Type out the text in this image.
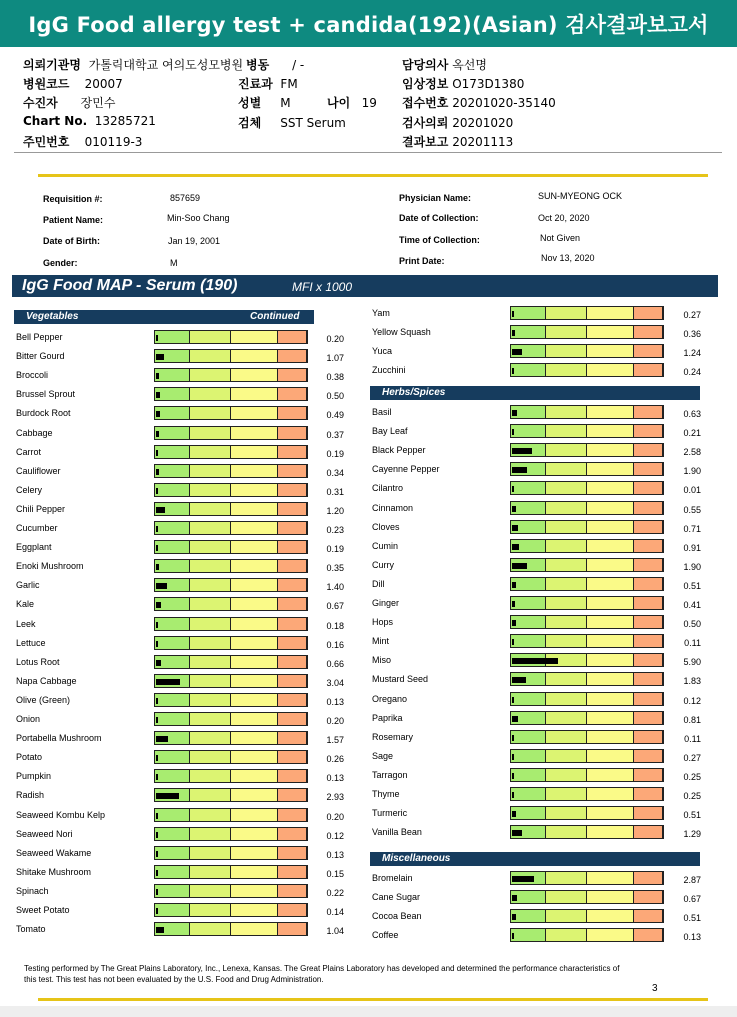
IgG Food allergy test + candida(192)(Asian) 검사결과보고서
의뢰기관명 가톨릭대학교 여의도성모병원
병원코드 20007
수진자 장민수
Chart No. 13285721
주민번호 010119-3
병동 / -
진료과 FM
성별 M	나이 19
검체 SST Serum
담당의사 옥선명
임상정보 O173D1380
접수번호 20201020-35140
검사의뢰 20201020
결과보고 20201113
Requisition #:	857659
Patient Name:	Min-Soo Chang
Date of Birth:	Jan 19, 2001
Gender:	M
Physician Name:	SUN-MYEONG OCK
Date of Collection:	Oct 20, 2020
Time of Collection:	Not Given
Print Date:	Nov 13, 2020
IgG Food MAP - Serum (190)	MFI x 1000
Vegetables	Continued
Herbs/Spices
Miscellaneous
Bell Pepper	0.20
Bitter Gourd	1.07
Broccoli	0.38
Brussel Sprout	0.50
Burdock Root	0.49
Cabbage	0.37
Carrot	0.19
Cauliflower	0.34
Celery	0.31
Chili Pepper	1.20
Cucumber	0.23
Eggplant	0.19
Enoki Mushroom	0.35
Garlic	1.40
Kale	0.67
Leek	0.18
Lettuce	0.16
Lotus Root	0.66
Napa Cabbage	3.04
Olive (Green)	0.13
Onion	0.20
Portabella Mushroom	1.57
Potato	0.26
Pumpkin	0.13
Radish	2.93
Seaweed Kombu Kelp	0.20
Seaweed Nori	0.12
Seaweed Wakame	0.13
Shitake Mushroom	0.15
Spinach	0.22
Sweet Potato	0.14
Tomato	1.04
Yam	0.27
Yellow Squash	0.36
Yuca	1.24
Zucchini	0.24
Basil	0.63
Bay Leaf	0.21
Black Pepper	2.58
Cayenne Pepper	1.90
Cilantro	0.01
Cinnamon	0.55
Cloves	0.71
Cumin	0.91
Curry	1.90
Dill	0.51
Ginger	0.41
Hops	0.50
Mint	0.11
Miso	5.90
Mustard Seed	1.83
Oregano	0.12
Paprika	0.81
Rosemary	0.11
Sage	0.27
Tarragon	0.25
Thyme	0.25
Turmeric	0.51
Vanilla Bean	1.29
Bromelain	2.87
Cane Sugar	0.67
Cocoa Bean	0.51
Coffee	0.13
Testing performed by The Great Plains Laboratory, Inc., Lenexa, Kansas. The Great Plains Laboratory has developed and determined the performance characteristics of this test. This test has not been evaluated by the U.S. Food and Drug Administration.
3
